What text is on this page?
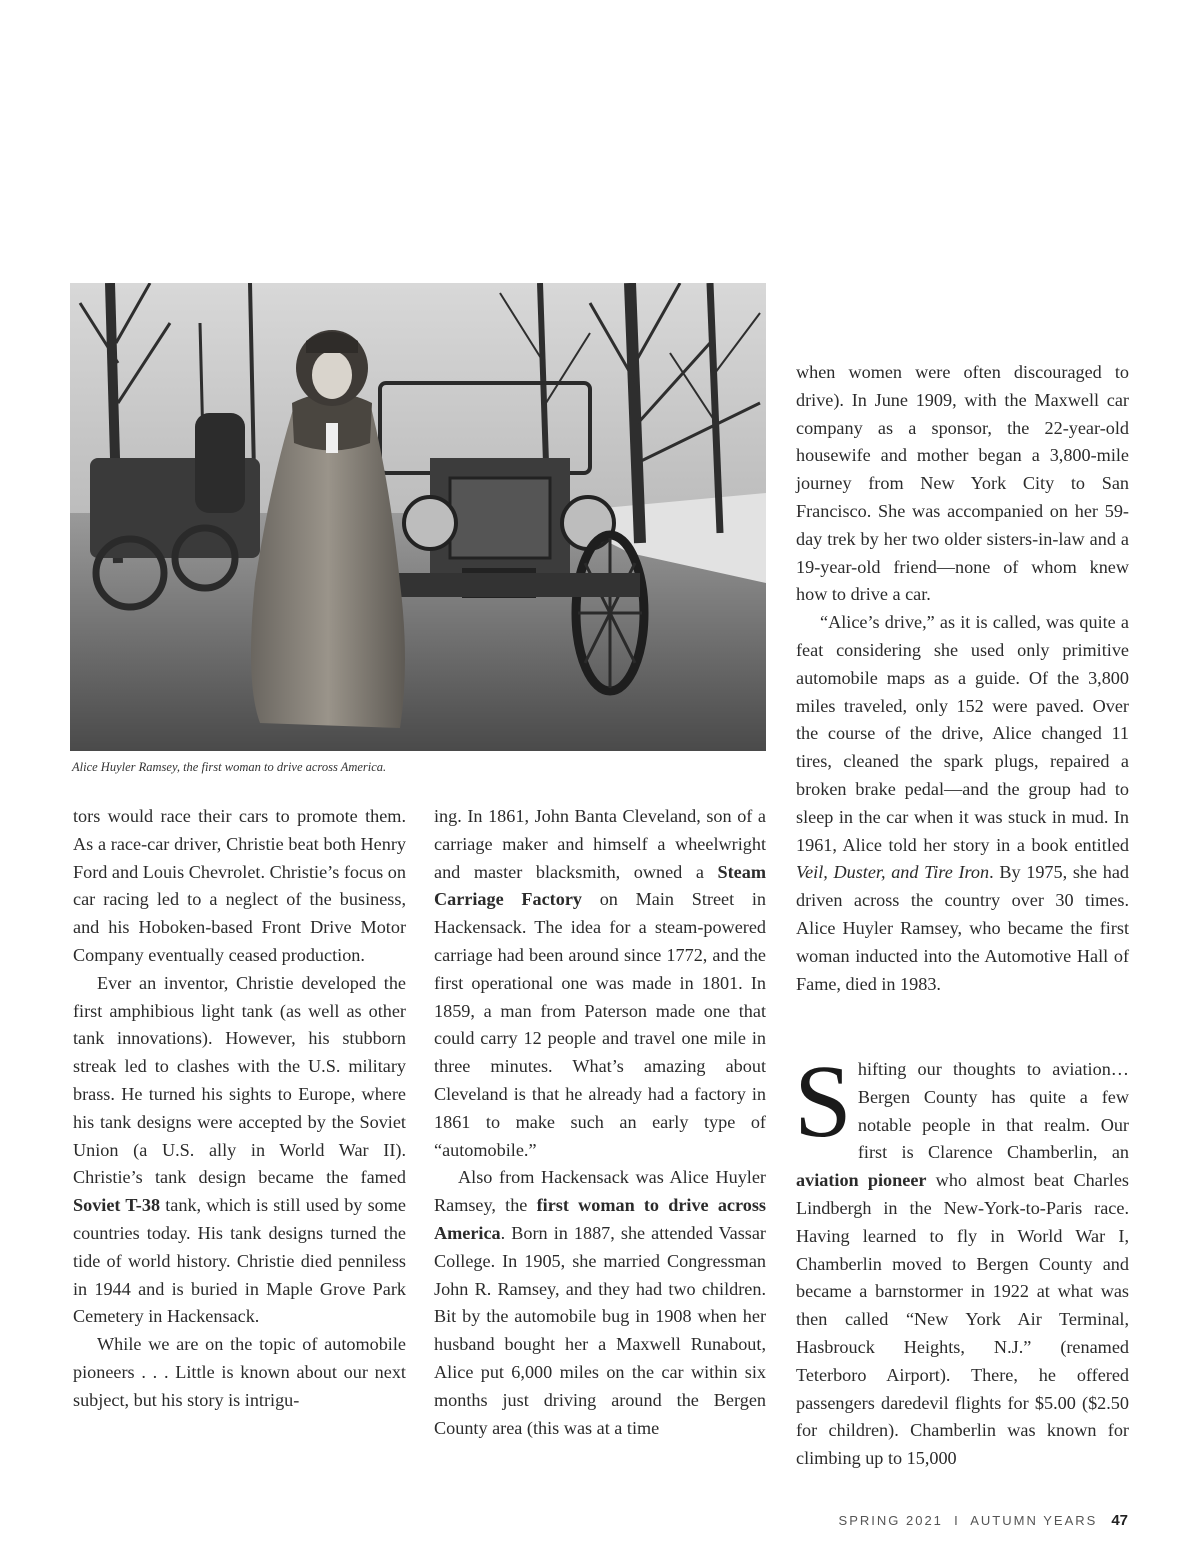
Alice Huyler Ramsey, the first woman to drive across America.

tors would race their cars to promote them. As a race-car driver, Christie beat both Henry Ford and Louis Chevrolet. Christie’s focus on car racing led to a neglect of the business, and his Hoboken-based Front Drive Motor Company eventually ceased production.

Ever an inventor, Christie developed the first amphibious light tank (as well as other tank innovations). However, his stubborn streak led to clashes with the U.S. military brass. He turned his sights to Europe, where his tank designs were accepted by the Soviet Union (a U.S. ally in World War II). Christie’s tank design became the famed Soviet T-38 tank, which is still used by some countries today. His tank designs turned the tide of world history. Christie died penniless in 1944 and is buried in Maple Grove Park Cemetery in Hackensack.

While we are on the topic of automobile pioneers . . . Little is known about our next subject, but his story is intrigu-

ing. In 1861, John Banta Cleveland, son of a carriage maker and himself a wheelwright and master blacksmith, owned a Steam Carriage Factory on Main Street in Hackensack. The idea for a steam-powered carriage had been around since 1772, and the first operational one was made in 1801. In 1859, a man from Paterson made one that could carry 12 people and travel one mile in three minutes. What’s amazing about Cleveland is that he already had a factory in 1861 to make such an early type of “automobile.”

Also from Hackensack was Alice Huyler Ramsey, the first woman to drive across America. Born in 1887, she attended Vassar College. In 1905, she married Congressman John R. Ramsey, and they had two children. Bit by the automobile bug in 1908 when her husband bought her a Maxwell Runabout, Alice put 6,000 miles on the car within six months just driving around the Bergen County area (this was at a time

when women were often discouraged to drive). In June 1909, with the Maxwell car company as a sponsor, the 22-year-old housewife and mother began a 3,800-mile journey from New York City to San Francisco. She was accompanied on her 59-day trek by her two older sisters-in-law and a 19-year-old friend—none of whom knew how to drive a car.

“Alice’s drive,” as it is called, was quite a feat considering she used only primitive automobile maps as a guide. Of the 3,800 miles traveled, only 152 were paved. Over the course of the drive, Alice changed 11 tires, cleaned the spark plugs, repaired a broken brake pedal—and the group had to sleep in the car when it was stuck in mud. In 1961, Alice told her story in a book entitled Veil, Duster, and Tire Iron. By 1975, she had driven across the country over 30 times. Alice Huyler Ramsey, who became the first woman inducted into the Automotive Hall of Fame, died in 1983.

Shifting our thoughts to aviation… Bergen County has quite a few notable people in that realm. Our first is Clarence Chamberlin, an aviation pioneer who almost beat Charles Lindbergh in the New-York-to-Paris race. Having learned to fly in World War I, Chamberlin moved to Bergen County and became a barnstormer in 1922 at what was then called “New York Air Terminal, Hasbrouck Heights, N.J.” (renamed Teterboro Airport). There, he offered passengers daredevil flights for $5.00 ($2.50 for children). Chamberlin was known for climbing up to 15,000

SPRING 2021  I  AUTUMN YEARS 47
